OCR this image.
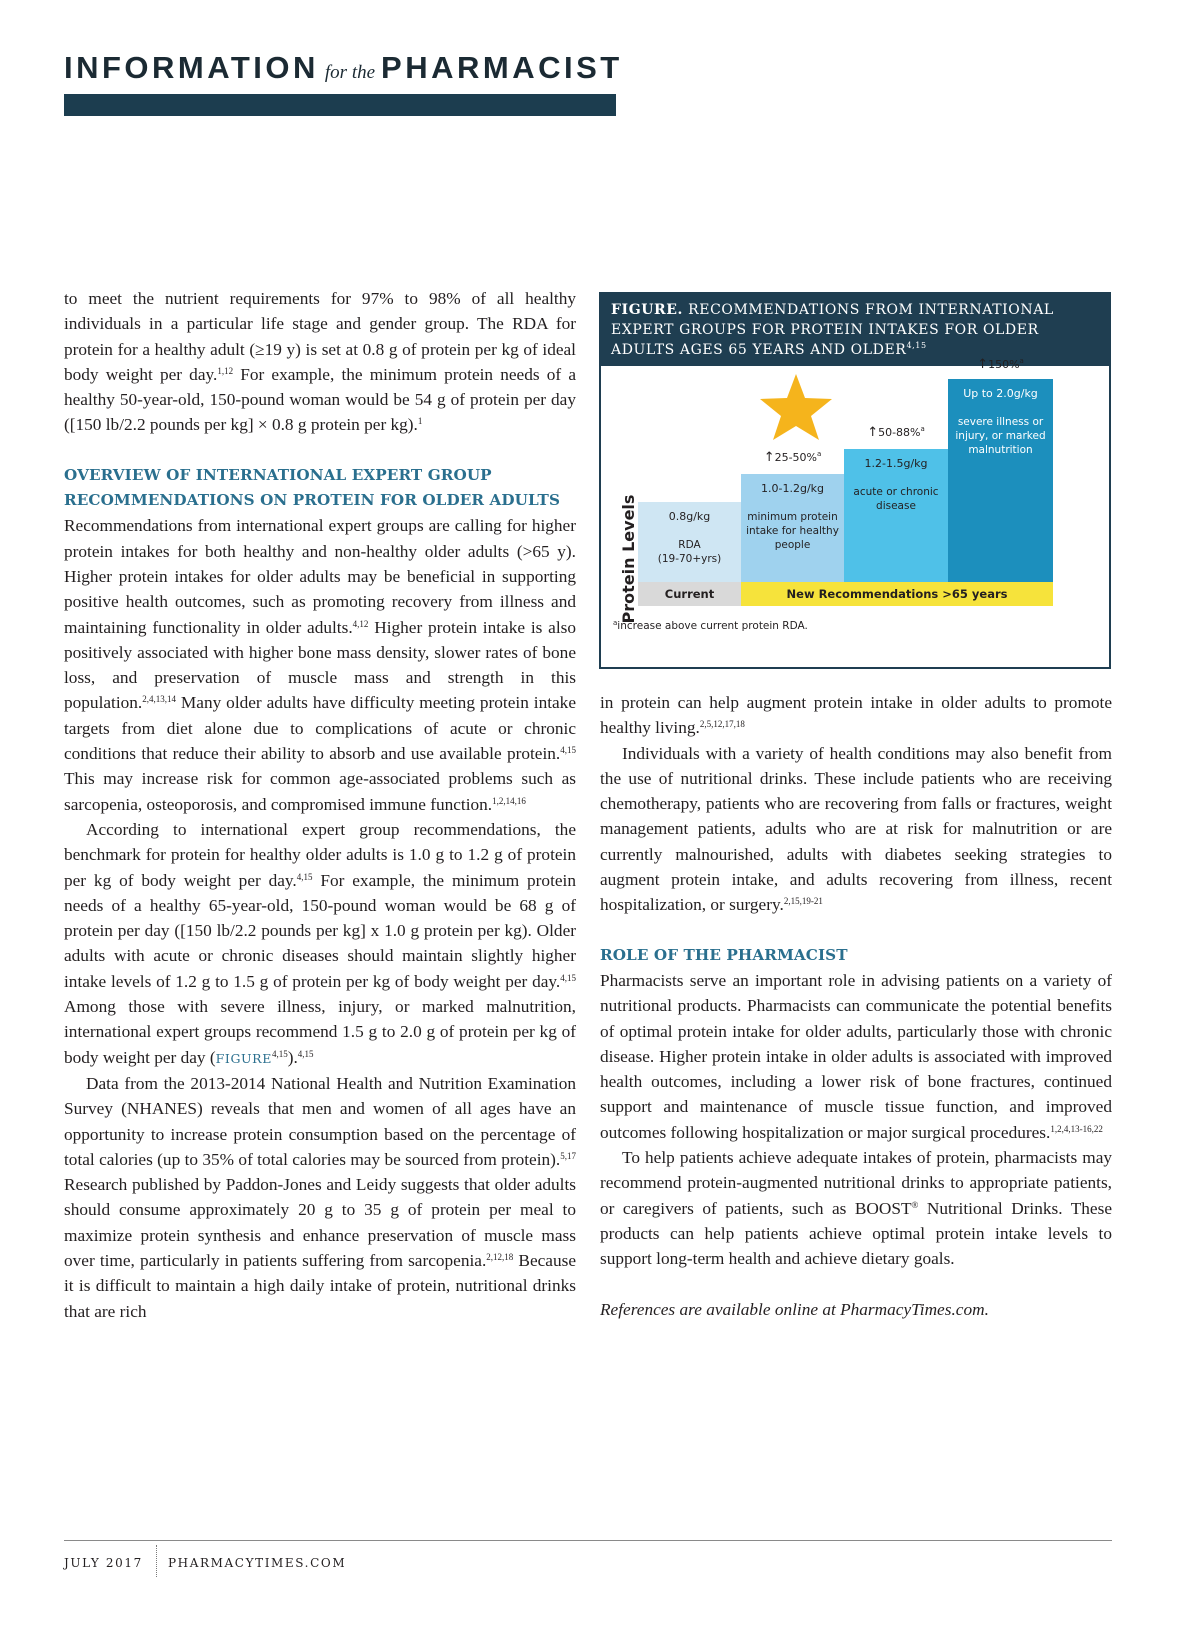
INFORMATION for the PHARMACIST

to meet the nutrient requirements for 97% to 98% of all healthy individuals in a particular life stage and gender group. The RDA for protein for a healthy adult (≥19 y) is set at 0.8 g of protein per kg of ideal body weight per day.$^{1,12}$ For example, the minimum protein needs of a healthy 50-year-old, 150-pound woman would be 54 g of protein per day ([150 lb/2.2 pounds per kg] × 0.8 g protein per kg).$^1$

OVERVIEW OF INTERNATIONAL EXPERT GROUP RECOMMENDATIONS ON PROTEIN FOR OLDER ADULTS

Recommendations from international expert groups are calling for higher protein intakes for both healthy and non-healthy older adults (>65 y). Higher protein intakes for older adults may be beneficial in supporting positive health outcomes, such as promoting recovery from illness and maintaining functionality in older adults.$^{4,12}$ Higher protein intake is also positively associated with higher bone mass density, slower rates of bone loss, and preservation of muscle mass and strength in this population.$^{2,4,13,14}$ Many older adults have difficulty meeting protein intake targets from diet alone due to complications of acute or chronic conditions that reduce their ability to absorb and use available protein.$^{4,15}$ This may increase risk for common age-associated problems such as sarcopenia, osteoporosis, and compromised immune function.$^{1,2,14,16}$

According to international expert group recommendations, the benchmark for protein for healthy older adults is 1.0 g to 1.2 g of protein per kg of body weight per day.$^{4,15}$ For example, the minimum protein needs of a healthy 65-year-old, 150-pound woman would be 68 g of protein per day ([150 lb/2.2 pounds per kg] x 1.0 g protein per kg). Older adults with acute or chronic diseases should maintain slightly higher intake levels of 1.2 g to 1.5 g of protein per kg of body weight per day.$^{4,15}$ Among those with severe illness, injury, or marked malnutrition, international expert groups recommend 1.5 g to 2.0 g of protein per kg of body weight per day (FIGURE$^{4,15}$).$^{4,15}$

Data from the 2013-2014 National Health and Nutrition Examination Survey (NHANES) reveals that men and women of all ages have an opportunity to increase protein consumption based on the percentage of total calories (up to 35% of total calories may be sourced from protein).$^{5,17}$ Research published by Paddon-Jones and Leidy suggests that older adults should consume approximately 20 g to 35 g of protein per meal to maximize protein synthesis and enhance preservation of muscle mass over time, particularly in patients suffering from sarcopenia.$^{2,12,18}$ Because it is difficult to maintain a high daily intake of protein, nutritional drinks that are rich

FIGURE. RECOMMENDATIONS FROM INTERNATIONAL EXPERT GROUPS FOR PROTEIN INTAKES FOR OLDER ADULTS AGES 65 YEARS AND OLDER$^{4,15}$
Protein Levels	0.8g/kg
RDA
(19-70+yrs)
1.0-1.2g/kg
minimum protein intake for healthy people
1.2-1.5g/kg
acute or chronic disease
Up to 2.0g/kg
severe illness or injury, or marked malnutrition
↑25-50%$^a$
↑50-88%$^a$
↑150%$^a$
Current	New Recommendations >65 years
$^a$increase above current protein RDA.

in protein can help augment protein intake in older adults to promote healthy living.$^{2,5,12,17,18}$

Individuals with a variety of health conditions may also benefit from the use of nutritional drinks. These include patients who are receiving chemotherapy, patients who are recovering from falls or fractures, weight management patients, adults who are at risk for malnutrition or are currently malnourished, adults with diabetes seeking strategies to augment protein intake, and adults recovering from illness, recent hospitalization, or surgery.$^{2,15,19-21}$

ROLE OF THE PHARMACIST

Pharmacists serve an important role in advising patients on a variety of nutritional products. Pharmacists can communicate the potential benefits of optimal protein intake for older adults, particularly those with chronic disease. Higher protein intake in older adults is associated with improved health outcomes, including a lower risk of bone fractures, continued support and maintenance of muscle tissue function, and improved outcomes following hospitalization or major surgical procedures.$^{1,2,4,13-16,22}$

To help patients achieve adequate intakes of protein, pharmacists may recommend protein-augmented nutritional drinks to appropriate patients, or caregivers of patients, such as BOOST® Nutritional Drinks. These products can help patients achieve optimal protein intake levels to support long-term health and achieve dietary goals.

References are available online at PharmacyTimes.com.

JULY 2017 PHARMACYTIMES.COM
